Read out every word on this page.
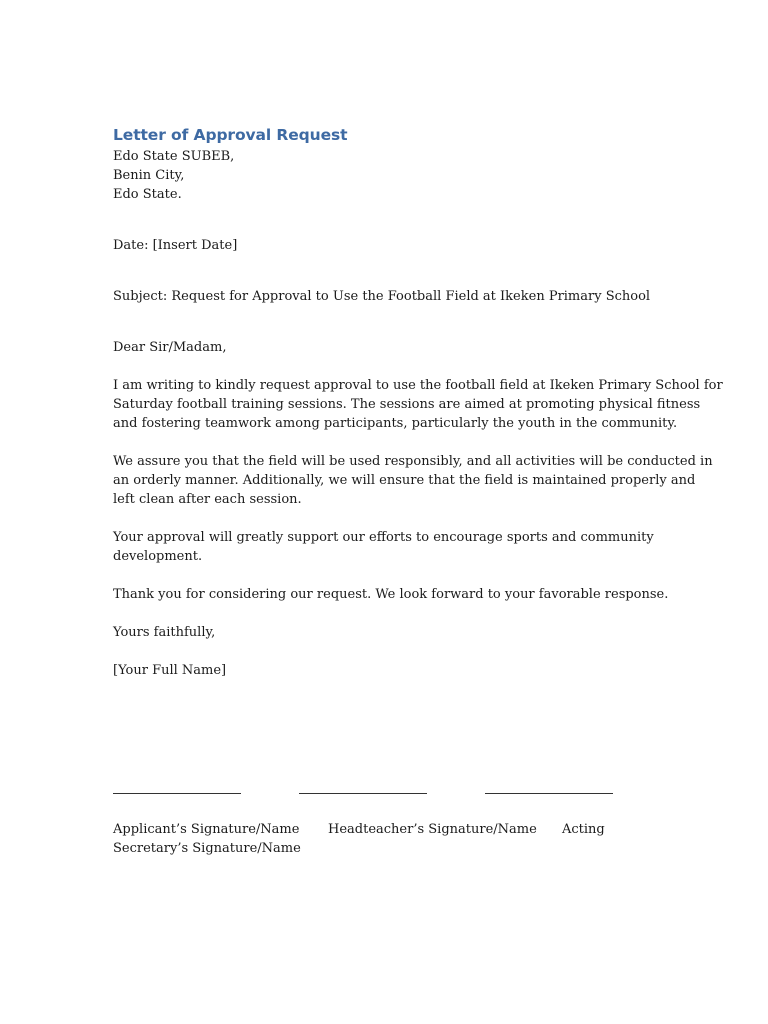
Letter of Approval Request
Edo State SUBEB,
Benin City,
Edo State.
Date: [Insert Date]
Subject: Request for Approval to Use the Football Field at Ikeken Primary School
Dear Sir/Madam,
I am writing to kindly request approval to use the football field at Ikeken Primary School for
Saturday football training sessions. The sessions are aimed at promoting physical fitness
and fostering teamwork among participants, particularly the youth in the community.
We assure you that the field will be used responsibly, and all activities will be conducted in
an orderly manner. Additionally, we will ensure that the field is maintained properly and
left clean after each session.
Your approval will greatly support our efforts to encourage sports and community
development.
Thank you for considering our request. We look forward to your favorable response.
Yours faithfully,
[Your Full Name]
Applicant’s Signature/Name Headteacher’s Signature/Name Acting
Secretary’s Signature/Name
